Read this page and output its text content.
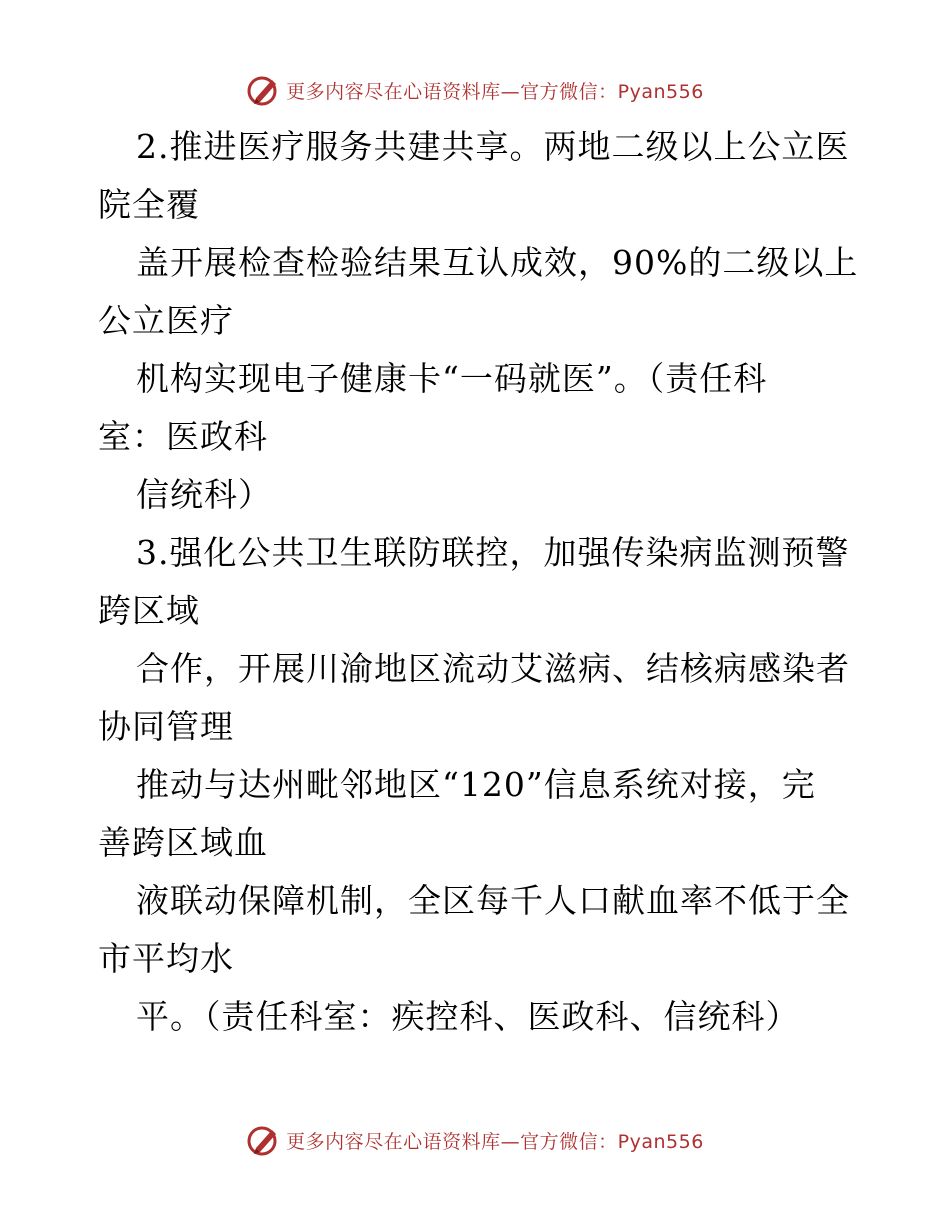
更多内容尽在心语资料库—官方微信：Pyan556
2.推进医疗服务共建共享。两地二级以上公立医
院全覆
盖开展检查检验结果互认成效，90%的二级以上
公立医疗
机构实现电子健康卡“一码就医”。（责任科
室：医政科
信统科）
3.强化公共卫生联防联控，加强传染病监测预警
跨区域
合作，开展川渝地区流动艾滋病、结核病感染者
协同管理
推动与达州毗邻地区“120”信息系统对接，完
善跨区域血
液联动保障机制，全区每千人口献血率不低于全
市平均水
平。（责任科室：疾控科、医政科、信统科）
更多内容尽在心语资料库—官方微信：Pyan556
